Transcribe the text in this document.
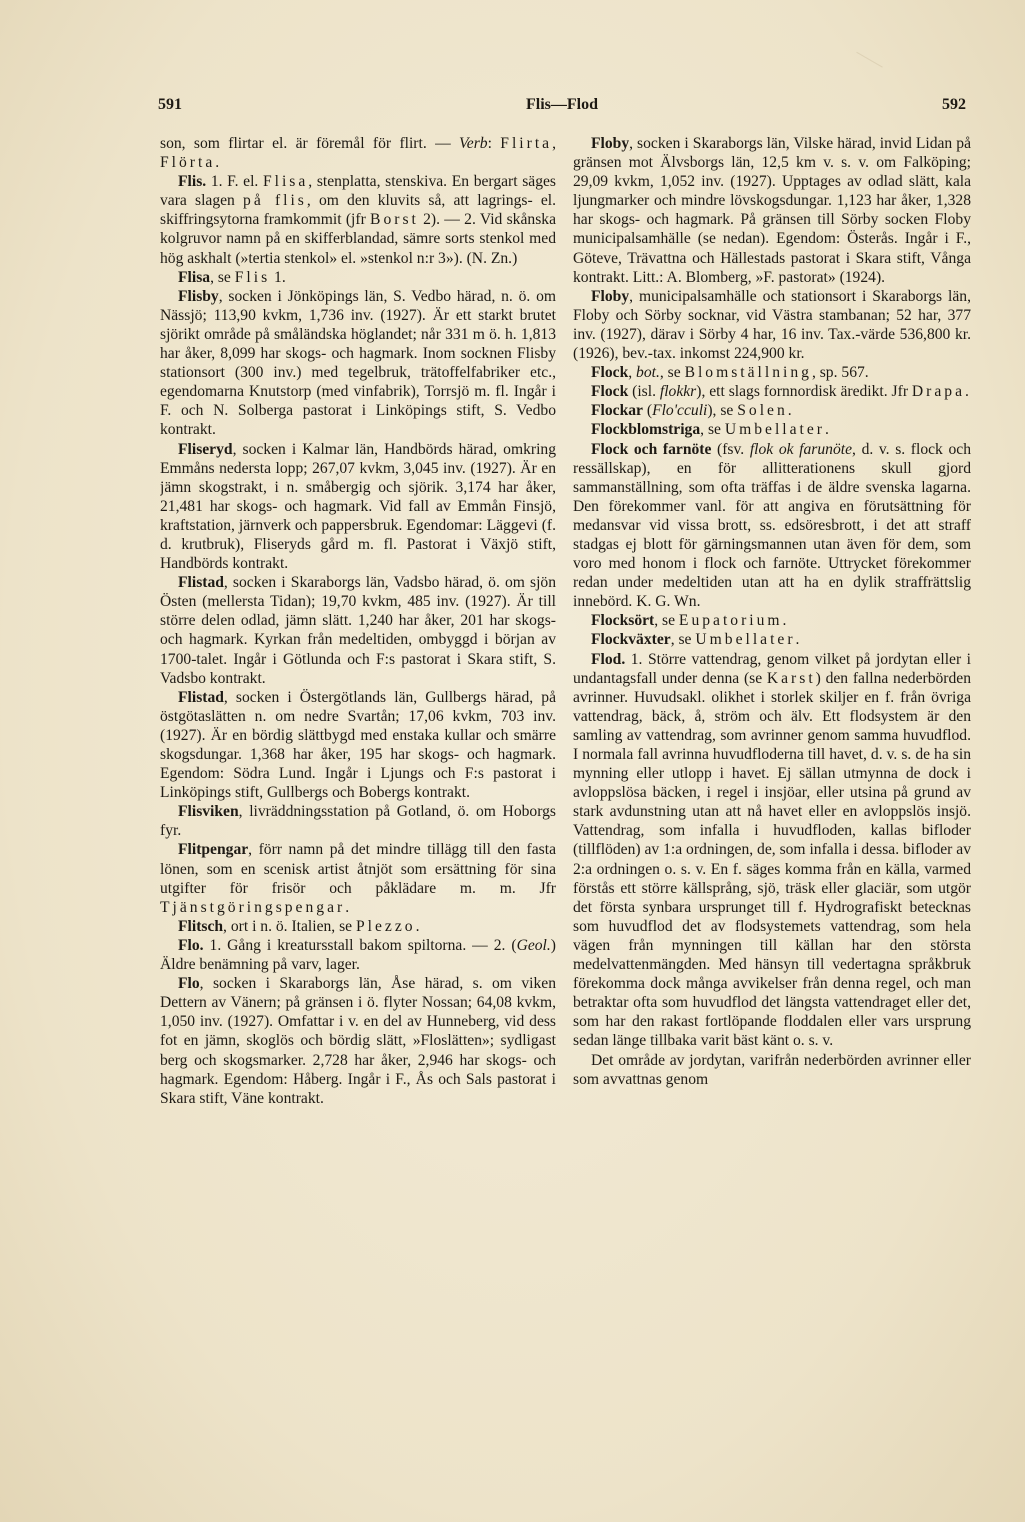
591	Flis—Flod	592

son, som flirtar el. är föremål för flirt. — Verb: Flirta, Flörta.

Flis. 1. F. el. Flisa, stenplatta, stenskiva. En bergart säges vara slagen på flis, om den kluvits så, att lagrings- el. skiffringsytorna framkommit (jfr Borst 2). — 2. Vid skånska kolgruvor namn på en skifferblandad, sämre sorts stenkol med hög askhalt (»tertia stenkol» el. »stenkol n:r 3»). (N. Zn.)

Flisa, se Flis 1.

Flisby, socken i Jönköpings län, S. Vedbo härad, n. ö. om Nässjö; 113,90 kvkm, 1,736 inv. (1927). Är ett starkt brutet sjörikt område på småländska höglandet; når 331 m ö. h. 1,813 har åker, 8,099 har skogs- och hagmark. Inom socknen Flisby stationsort (300 inv.) med tegelbruk, trätoffelfabriker etc., egendomarna Knutstorp (med vinfabrik), Torrsjö m. fl. Ingår i F. och N. Solberga pastorat i Linköpings stift, S. Vedbo kontrakt.

Fliseryd, socken i Kalmar län, Handbörds härad, omkring Emmåns nedersta lopp; 267,07 kvkm, 3,045 inv. (1927). Är en jämn skogstrakt, i n. småbergig och sjörik. 3,174 har åker, 21,481 har skogs- och hagmark. Vid fall av Emmån Finsjö, kraftstation, järnverk och pappersbruk. Egendomar: Läggevi (f. d. krutbruk), Fliseryds gård m. fl. Pastorat i Växjö stift, Handbörds kontrakt.

Flistad, socken i Skaraborgs län, Vadsbo härad, ö. om sjön Östen (mellersta Tidan); 19,70 kvkm, 485 inv. (1927). Är till större delen odlad, jämn slätt. 1,240 har åker, 201 har skogs- och hagmark. Kyrkan från medeltiden, ombyggd i början av 1700-talet. Ingår i Götlunda och F:s pastorat i Skara stift, S. Vadsbo kontrakt.

Flistad, socken i Östergötlands län, Gullbergs härad, på östgötaslätten n. om nedre Svartån; 17,06 kvkm, 703 inv. (1927). Är en bördig slättbygd med enstaka kullar och smärre skogsdungar. 1,368 har åker, 195 har skogs- och hagmark. Egendom: Södra Lund. Ingår i Ljungs och F:s pastorat i Linköpings stift, Gullbergs och Bobergs kontrakt.

Flisviken, livräddningsstation på Gotland, ö. om Hoborgs fyr.

Flitpengar, förr namn på det mindre tillägg till den fasta lönen, som en scenisk artist åtnjöt som ersättning för sina utgifter för frisör och påklädare m. m. Jfr Tjänstgöringspengar.

Flitsch, ort i n. ö. Italien, se Plezzo.

Flo. 1. Gång i kreatursstall bakom spiltorna. — 2. (Geol.) Äldre benämning på varv, lager.

Flo, socken i Skaraborgs län, Åse härad, s. om viken Dettern av Vänern; på gränsen i ö. flyter Nossan; 64,08 kvkm, 1,050 inv. (1927). Omfattar i v. en del av Hunneberg, vid dess fot en jämn, skoglös och bördig slätt, »Floslätten»; sydligast berg och skogsmarker. 2,728 har åker, 2,946 har skogs- och hagmark. Egendom: Håberg. Ingår i F., Ås och Sals pastorat i Skara stift, Väne kontrakt.

Floby, socken i Skaraborgs län, Vilske härad, invid Lidan på gränsen mot Älvsborgs län, 12,5 km v. s. v. om Falköping; 29,09 kvkm, 1,052 inv. (1927). Upptages av odlad slätt, kala ljungmarker och mindre lövskogsdungar. 1,123 har åker, 1,328 har skogs- och hagmark. På gränsen till Sörby socken Floby municipalsamhälle (se nedan). Egendom: Österås. Ingår i F., Göteve, Trävattna och Hällestads pastorat i Skara stift, Vånga kontrakt. Litt.: A. Blomberg, »F. pastorat» (1924).

Floby, municipalsamhälle och stationsort i Skaraborgs län, Floby och Sörby socknar, vid Västra stambanan; 52 har, 377 inv. (1927), därav i Sörby 4 har, 16 inv. Tax.-värde 536,800 kr. (1926), bev.-tax. inkomst 224,900 kr.

Flock, bot., se Blomställning, sp. 567.

Flock (isl. flokkr), ett slags fornnordisk äredikt. Jfr Drapa.

Flockar (Flo'cculi), se Solen.

Flockblomstriga, se Umbellater.

Flock och farnöte (fsv. flok ok farunöte, d. v. s. flock och ressällskap), en för allitterationens skull gjord sammanställning, som ofta träffas i de äldre svenska lagarna. Den förekommer vanl. för att angiva en förutsättning för medansvar vid vissa brott, ss. edsöresbrott, i det att straff stadgas ej blott för gärningsmannen utan även för dem, som voro med honom i flock och farnöte. Uttrycket förekommer redan under medeltiden utan att ha en dylik straffrättslig innebörd. K. G. Wn.

Flocksört, se Eupatorium.

Flockväxter, se Umbellater.

Flod. 1. Större vattendrag, genom vilket på jordytan eller i undantagsfall under denna (se Karst) den fallna nederbörden avrinner. Huvudsakl. olikhet i storlek skiljer en f. från övriga vattendrag, bäck, å, ström och älv. Ett flodsystem är den samling av vattendrag, som avrinner genom samma huvudflod. I normala fall avrinna huvudfloderna till havet, d. v. s. de ha sin mynning eller utlopp i havet. Ej sällan utmynna de dock i avloppslösa bäcken, i regel i insjöar, eller utsina på grund av stark avdunstning utan att nå havet eller en avloppslös insjö. Vattendrag, som infalla i huvudfloden, kallas bifloder (tillflöden) av 1:a ordningen, de, som infalla i dessa. bifloder av 2:a ordningen o. s. v. En f. säges komma från en källa, varmed förstås ett större källsprång, sjö, träsk eller glaciär, som utgör det första synbara ursprunget till f. Hydrografiskt betecknas som huvudflod det av flodsystemets vattendrag, som hela vägen från mynningen till källan har den största medelvattenmängden. Med hänsyn till vedertagna språkbruk förekomma dock många avvikelser från denna regel, och man betraktar ofta som huvudflod det längsta vattendraget eller det, som har den rakast fortlöpande floddalen eller vars ursprung sedan länge tillbaka varit bäst känt o. s. v.

Det område av jordytan, varifrån nederbörden avrinner eller som avvattnas genom
